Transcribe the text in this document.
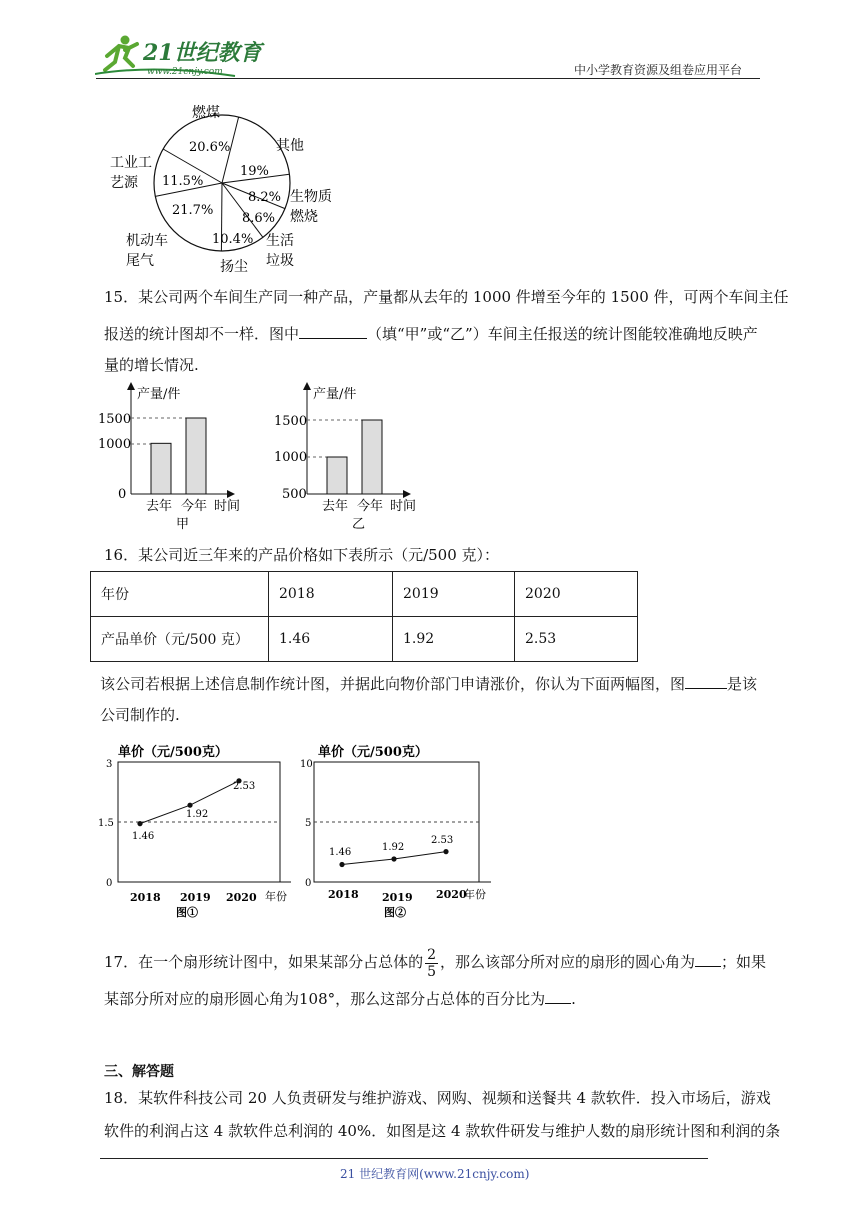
21世纪教育
www.21cnjy.com	中小学教育资源及组卷应用平台
燃煤
其他
工业工
艺源
生物质
燃烧
机动车
尾气	扬尘
生活
垃圾
20.6%
19%
11.5%
8.2%
21.7%
8.6%
10.4%
15．某公司两个车间生产同一种产品，产量都从去年的 1000 件增至今年的 1500 件，可两个车间主任
报送的统计图却不一样．图中	（填“甲”或“乙”）车间主任报送的统计图能较准确地反映产
量的增长情况.
产量/件
1500
1000
0
去年 今年 时间
甲
产量/件
1500
1000
500
去年 今年 时间
乙
16．某公司近三年来的产品价格如下表所示（元/500 克）：
年份	2018	2019	2020
产品单价（元/500 克）	1.46	1.92	2.53
该公司若根据上述信息制作统计图，并据此向物价部门申请涨价，你认为下面两幅图，图	是该
公司制作的.
单价（元/500克）
3
1.5
0
1.46
1.92
2.53
2018 2019 2020 年份
图①
单价（元/500克）
10
5
0
1.46	1.92
2.53
2018 2019 2020
年份
图②
17．在一个扇形统计图中，如果某部分占总体的 $\frac{2}{5}$ ，那么该部分所对应的扇形的圆心角为 ；如果
某部分所对应的扇形圆心角为108°，那么这部分占总体的百分比为 .
三、解答题
18．某软件科技公司 20 人负责研发与维护游戏、网购、视频和送餐共 4 款软件．投入市场后，游戏
软件的利润占这 4 款软件总利润的 40%．如图是这 4 款软件研发与维护人数的扇形统计图和利润的条
21 世纪教育网(www.21cnjy.com)
